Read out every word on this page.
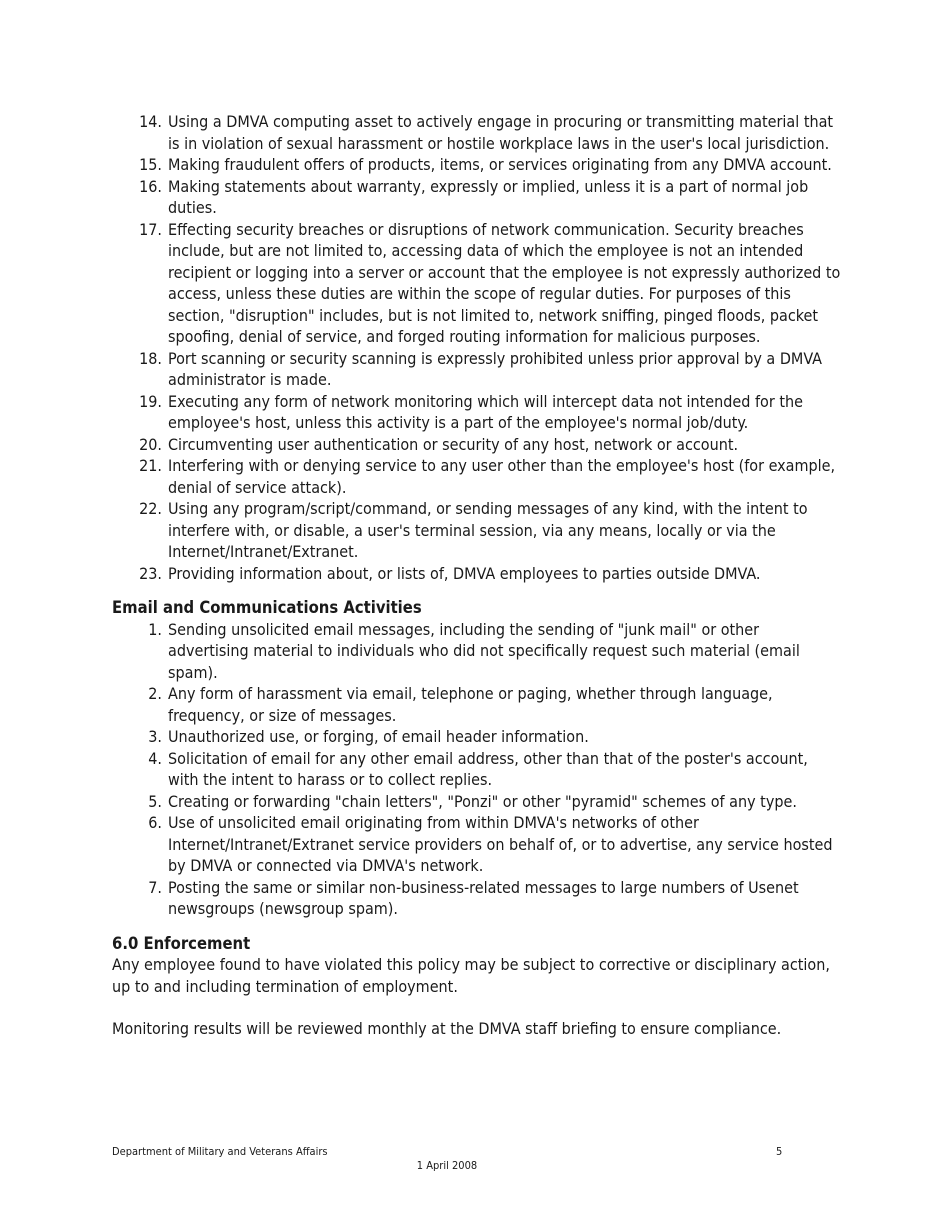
14. Using a DMVA computing asset to actively engage in procuring or transmitting material that is in violation of sexual harassment or hostile workplace laws in the user's local jurisdiction.
15. Making fraudulent offers of products, items, or services originating from any DMVA account.
16. Making statements about warranty, expressly or implied, unless it is a part of normal job duties.
17. Effecting security breaches or disruptions of network communication. Security breaches include, but are not limited to, accessing data of which the employee is not an intended recipient or logging into a server or account that the employee is not expressly authorized to access, unless these duties are within the scope of regular duties. For purposes of this section, "disruption" includes, but is not limited to, network sniffing, pinged floods, packet spoofing, denial of service, and forged routing information for malicious purposes.
18. Port scanning or security scanning is expressly prohibited unless prior approval by a DMVA administrator is made.
19. Executing any form of network monitoring which will intercept data not intended for the employee's host, unless this activity is a part of the employee's normal job/duty.
20. Circumventing user authentication or security of any host, network or account.
21. Interfering with or denying service to any user other than the employee's host (for example, denial of service attack).
22. Using any program/script/command, or sending messages of any kind, with the intent to interfere with, or disable, a user's terminal session, via any means, locally or via the Internet/Intranet/Extranet.
23. Providing information about, or lists of, DMVA employees to parties outside DMVA.
Email and Communications Activities
1. Sending unsolicited email messages, including the sending of "junk mail" or other advertising material to individuals who did not specifically request such material (email spam).
2. Any form of harassment via email, telephone or paging, whether through language, frequency, or size of messages.
3. Unauthorized use, or forging, of email header information.
4. Solicitation of email for any other email address, other than that of the poster's account, with the intent to harass or to collect replies.
5. Creating or forwarding "chain letters", "Ponzi" or other "pyramid" schemes of any type.
6. Use of unsolicited email originating from within DMVA's networks of other Internet/Intranet/Extranet service providers on behalf of, or to advertise, any service hosted by DMVA or connected via DMVA's network.
7. Posting the same or similar non-business-related messages to large numbers of Usenet newsgroups (newsgroup spam).
6.0 Enforcement

Any employee found to have violated this policy may be subject to corrective or disciplinary action, up to and including termination of employment.

Monitoring results will be reviewed monthly at the DMVA staff briefing to ensure compliance.

Department of Military and Veterans Affairs	5
1 April 2008
